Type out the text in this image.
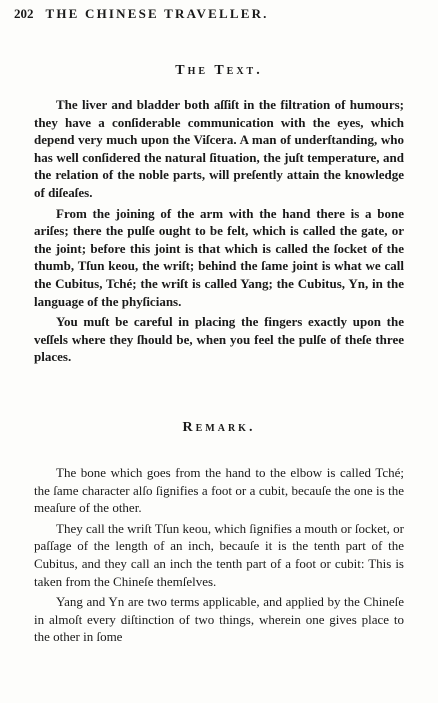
202 THE CHINESE TRAVELLER.
The Text.

The liver and bladder both aſſiſt in the filtration of humours; they have a conſiderable communication with the eyes, which depend very much upon the Viſcera. A man of underſtanding, who has well conſidered the natural ſituation, the juſt temperature, and the relation of the noble parts, will preſently attain the knowledge of diſeaſes.

From the joining of the arm with the hand there is a bone ariſes; there the pulſe ought to be felt, which is called the gate, or the joint; before this joint is that which is called the ſocket of the thumb, Tſun keou, the wriſt; behind the ſame joint is what we call the Cubitus, Tché; the wriſt is called Yang; the Cubitus, Yn, in the language of the phyſicians.

You muſt be careful in placing the fingers exactly upon the veſſels where they ſhould be, when you feel the pulſe of theſe three places.

Remark.

The bone which goes from the hand to the elbow is called Tché; the ſame character alſo ſignifies a foot or a cubit, becauſe the one is the meaſure of the other.

They call the wriſt Tſun keou, which ſignifies a mouth or ſocket, or paſſage of the length of an inch, becauſe it is the tenth part of the Cubitus, and they call an inch the tenth part of a foot or cubit: This is taken from the Chineſe themſelves.

Yang and Yn are two terms applicable, and applied by the Chineſe in almoſt every diſtinction of two things, wherein one gives place to the other in ſome
